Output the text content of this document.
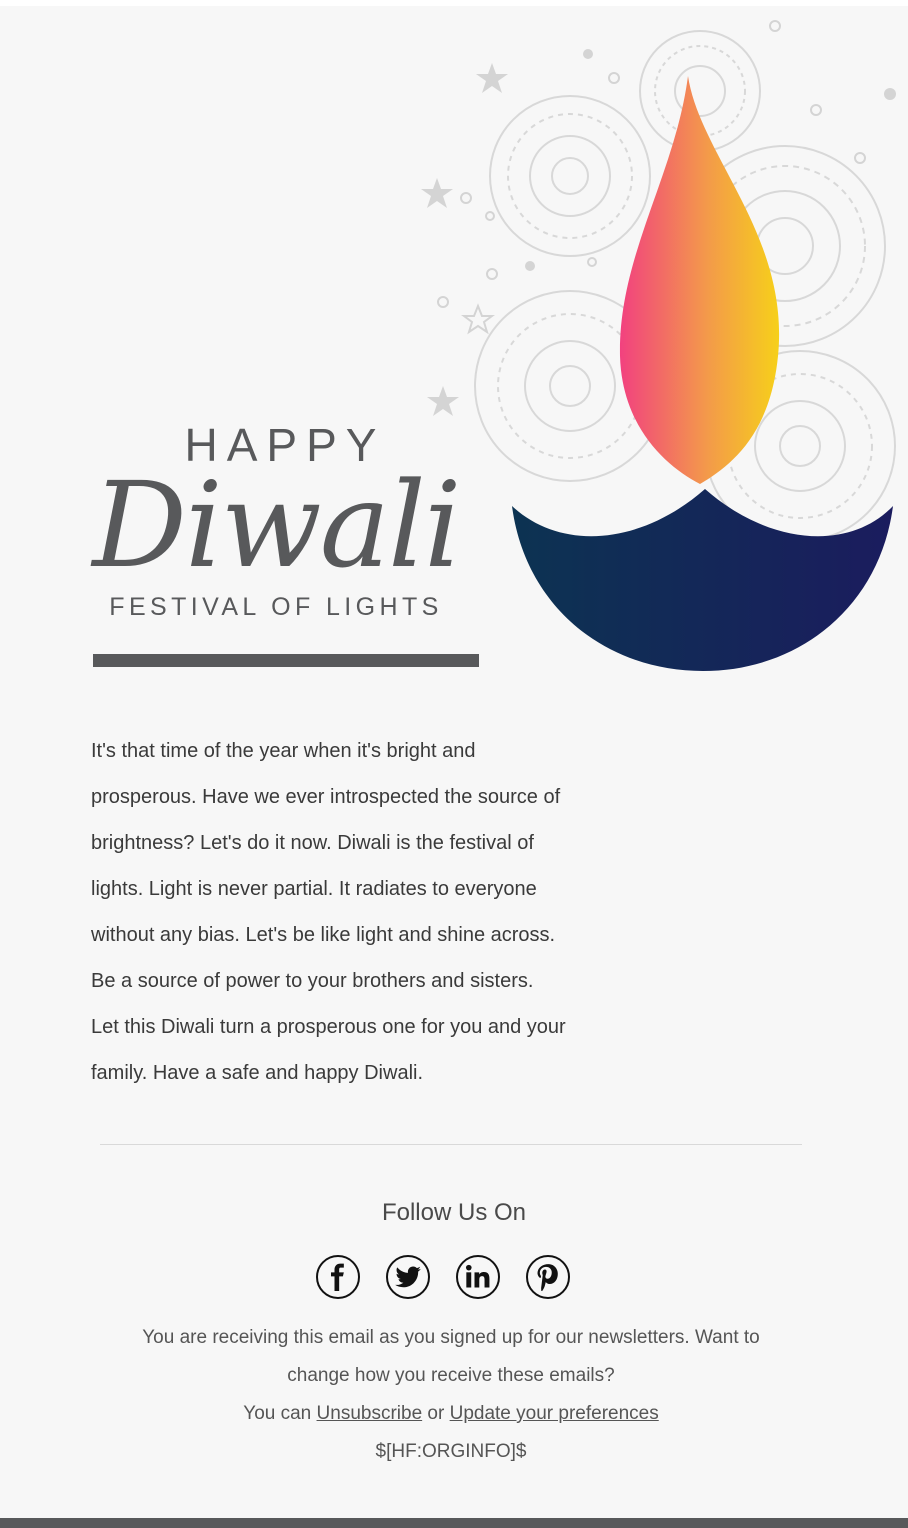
HAPPY
Diwali
FESTIVAL OF LIGHTS

It's that time of the year when it's bright and

prosperous. Have we ever introspected the source of

brightness? Let's do it now. Diwali is the festival of

lights. Light is never partial. It radiates to everyone

without any bias. Let's be like light and shine across.

Be a source of power to your brothers and sisters.

Let this Diwali turn a prosperous one for you and your

family. Have a safe and happy Diwali.

Follow Us On

You are receiving this email as you signed up for our newsletters. Want to

change how you receive these emails?

You can Unsubscribe or Update your preferences

$[HF:ORGINFO]$
